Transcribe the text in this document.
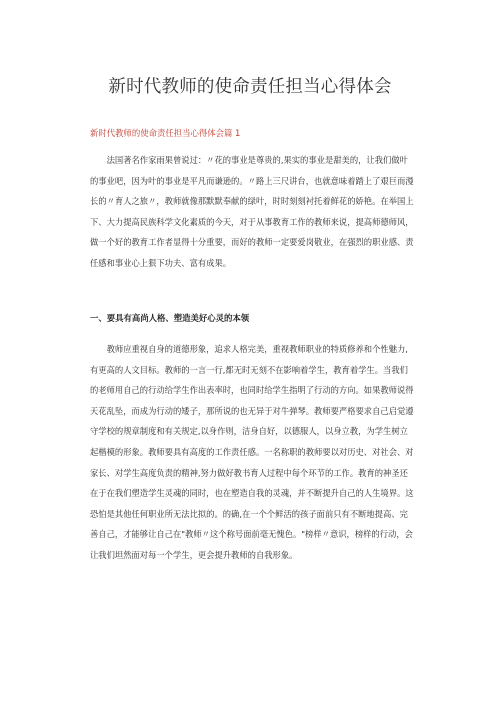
新时代教师的使命责任担当心得体会
新时代教师的使命责任担当心得体会篇 1

　　法国著名作家雨果曾说过：〃花的事业是尊贵的,果实的事业是甜美的，让我们做叶

的事业吧，因为叶的事业是平凡而谦逊的。〃路上三尺讲台，也就意味着踏上了艰巨而漫

长的〃育人之旅〃，教师就像那默默奉献的绿叶，时时刻刻衬托着鲜花的娇艳。在举国上

下、大力提高民族科学文化素质的今天，对于从事教育工作的教师来说，提高师德师风，

做一个好的教育工作者显得十分重要，而好的教师一定要爱岗敬业，在强烈的职业感、责

任感和事业心上狠下功夫、富有成果。

一、要具有高尚人格、塑造美好心灵的本领

　　教师应重视自身的道德形象，追求人格完美，重视教师职业的特质修养和个性魅力,

有更高的人文目标。教师的一言一行,都无时无刻不在影响着学生，教育着学生。当我们

的老师用自己的行动给学生作出表率时，也同时给学生指明了行动的方向。如果教师说得

天花乱坠，而成为行动的矮子，那所说的也无异于对牛弹琴。教师要严格要求自己启觉遵

守学校的规章制度和有关规定,以身作则，洁身自好，以德服人，以身立教，为学生树立

起楷模的形象。教师要具有高度的工作责任感。一名称职的教师要以对历史、对社会、对

家长、对学生高度负责的精神,努力做好教书育人过程中每个环节的工作。教育的神圣还

在于在我们塑造学生灵魂的同时，也在塑造自我的灵魂，并不断提升自己的人生境界。这

恐怕是其他任何职业所无法比拟的。的确,在一个个鲜活的孩子面前只有不断地提高、完

善自己，才能够让自己在"教师〃这个称号面前毫无愧色。"榜样〃意识，榜样的行动，会

让我们坦然面对每一个学生，更会提升教师的自我形象。
